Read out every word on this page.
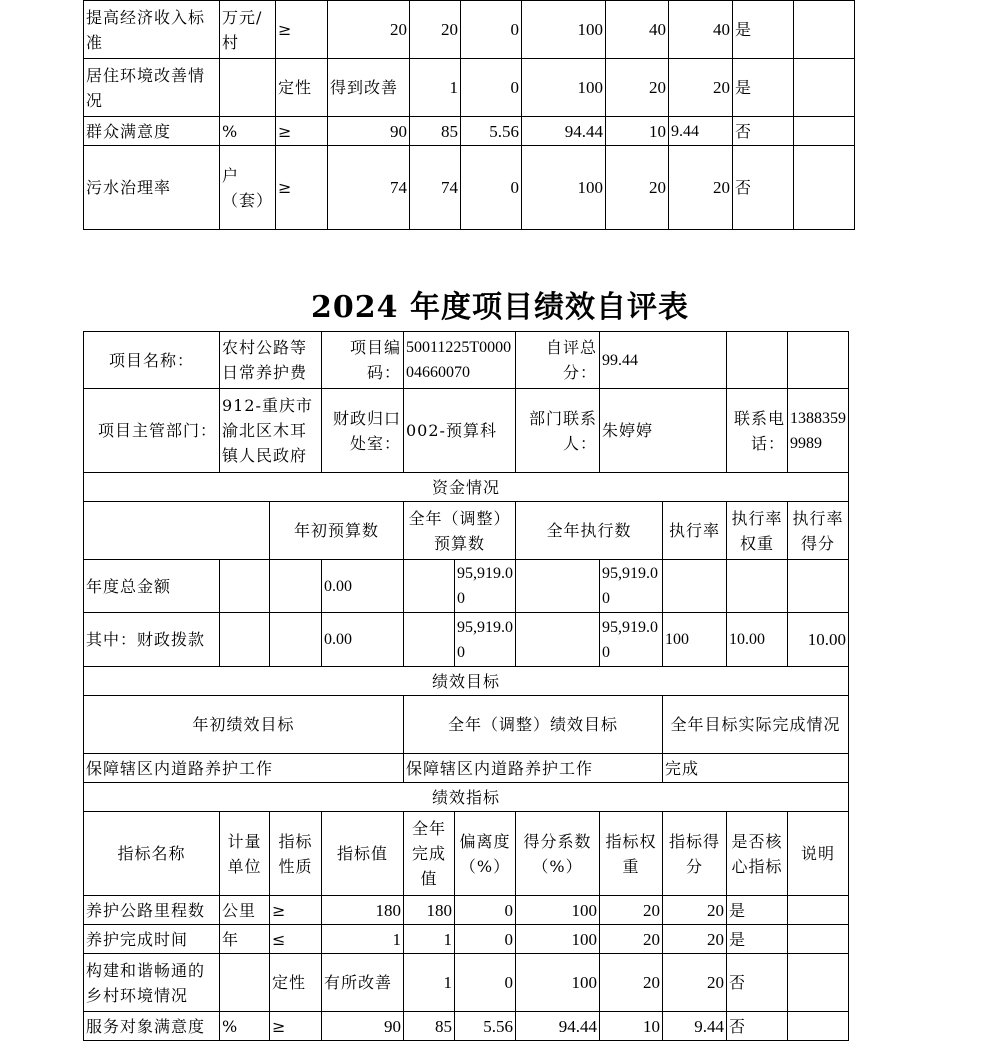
提高经济收入标准	万元/村	≥	20	20	0	100	40	40	是	
居住环境改善情况		定性	得到改善	1	0	100	20	20	是	
群众满意度	%	≥	90	85	5.56	94.44	10	9.44	否	
污水治理率	户（套）	≥	74	74	0	100	20	20	否	
2024 年度项目绩效自评表
项目名称：	农村公路等日常养护费		项目编码：	50011225T000004660070		自评总分：	99.44			
项目主管部门：	912-重庆市渝北区木耳镇人民政府		财政归口处室：	002-预算科		部门联系人：	朱婷婷		联系电话：	13883599989
资金情况										
		年初预算数		全年（调整）预算数		全年执行数		执行率	执行率权重	执行率得分
年度总金额			0.00		95,919.00		95,919.00			
其中：财政拨款			0.00		95,919.00		95,919.00	100	10.00	10.00
绩效目标										
年初绩效目标				全年（调整）绩效目标				全年目标实际完成情况		
保障辖区内道路养护工作				保障辖区内道路养护工作				完成		
绩效指标										
指标名称	计量单位	指标性质	指标值	全年完成值	偏离度（%）	得分系数（%）	指标权重	指标得分	是否核心指标	说明
养护公路里程数	公里	≥	180	180	0	100	20	20	是	
养护完成时间	年	≤	1	1	0	100	20	20	是	
构建和谐畅通的乡村环境情况		定性	有所改善	1	0	100	20	20	否	
服务对象满意度	%	≥	90	85	5.56	94.44	10	9.44	否	
